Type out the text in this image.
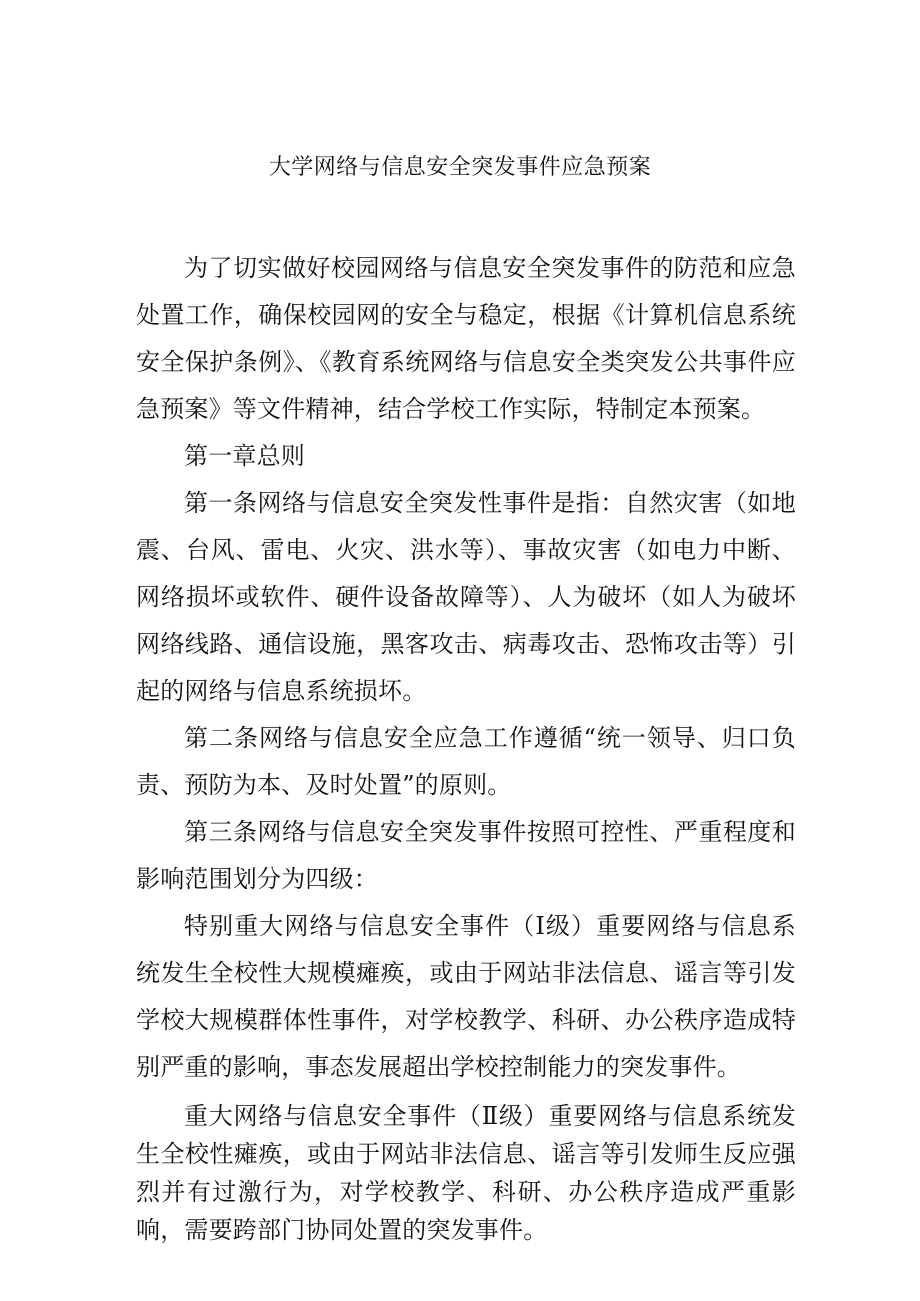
大学网络与信息安全突发事件应急预案

为了切实做好校园网络与信息安全突发事件的防范和应急处置工作，确保校园网的安全与稳定，根据《计算机信息系统安全保护条例》、《教育系统网络与信息安全类突发公共事件应急预案》等文件精神，结合学校工作实际，特制定本预案。

第一章总则

第一条网络与信息安全突发性事件是指：自然灾害（如地震、台风、雷电、火灾、洪水等）、事故灾害（如电力中断、网络损坏或软件、硬件设备故障等）、人为破坏（如人为破坏网络线路、通信设施，黑客攻击、病毒攻击、恐怖攻击等）引起的网络与信息系统损坏。

第二条网络与信息安全应急工作遵循“统一领导、归口负责、预防为本、及时处置”的原则。

第三条网络与信息安全突发事件按照可控性、严重程度和影响范围划分为四级：

特别重大网络与信息安全事件（Ⅰ级）重要网络与信息系统发生全校性大规模瘫痪，或由于网站非法信息、谣言等引发学校大规模群体性事件，对学校教学、科研、办公秩序造成特别严重的影响，事态发展超出学校控制能力的突发事件。

重大网络与信息安全事件（Ⅱ级）重要网络与信息系统发生全校性瘫痪，或由于网站非法信息、谣言等引发师生反应强烈并有过激行为，对学校教学、科研、办公秩序造成严重影响，需要跨部门协同处置的突发事件。
